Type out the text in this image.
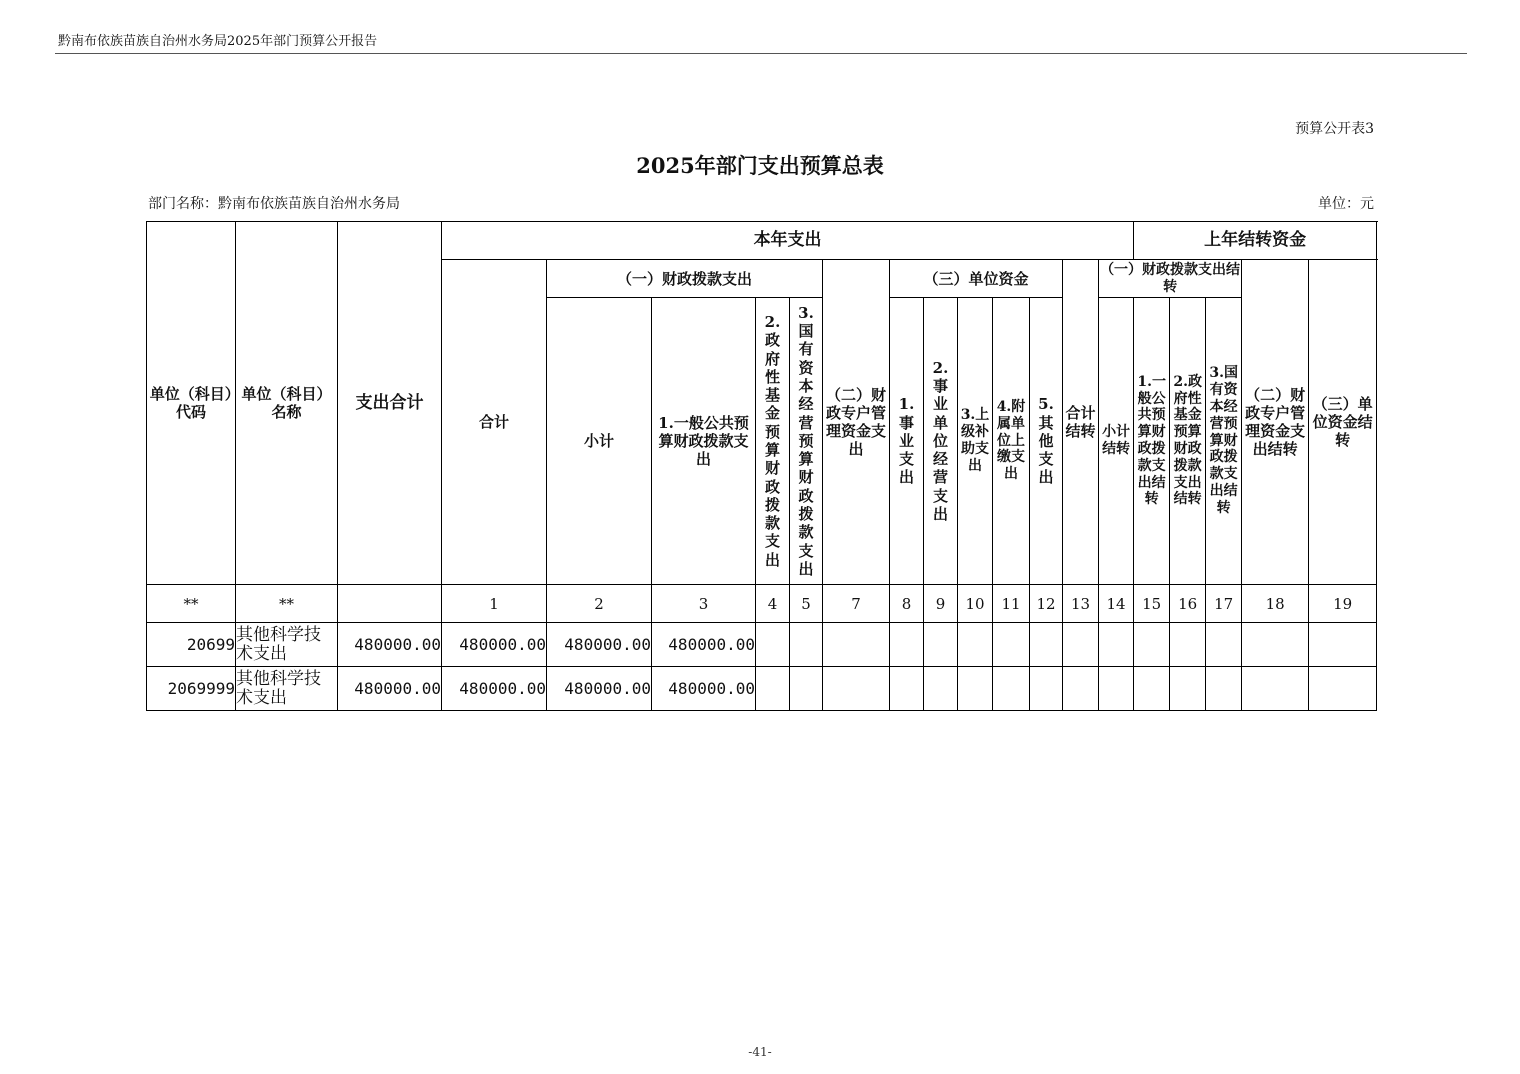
黔南布依族苗族自治州水务局2025年部门预算公开报告
预算公开表3
2025年部门支出预算总表
部门名称：黔南布依族苗族自治州水务局	单位：元
单位（科目）代码	单位（科目）名称	支出合计	本年支出													上年结转资金				
			合计	（一）财政拨款支出				（二）财政专户管理资金支出	（三）单位资金					合计结转	（一）财政拨款支出结转				（二）财政专户管理资金支出结转	（三）单位资金结转
				小计	1.一般公共预算财政拨款支出	2.政府性基金预算财政拨款支出	3.国有资本经营预算财政拨款支出		1.事业支出	2.事业单位经营支出	3.上级补助支出	4.附属单位上缴支出	5.其他支出		小计结转	1.一般公共预算财政拨款支出结转	2.政府性基金预算财政拨款支出结转	3.国有资本经营预算财政拨款支出结转		
**	**		1	2	3	4	5	7	8	9	10	11	12	13	14	15	16	17	18	19
20699	其他科学技术支出	480000.00	480000.00	480000.00	480000.00															
2069999	其他科学技术支出	480000.00	480000.00	480000.00	480000.00															
-41-
